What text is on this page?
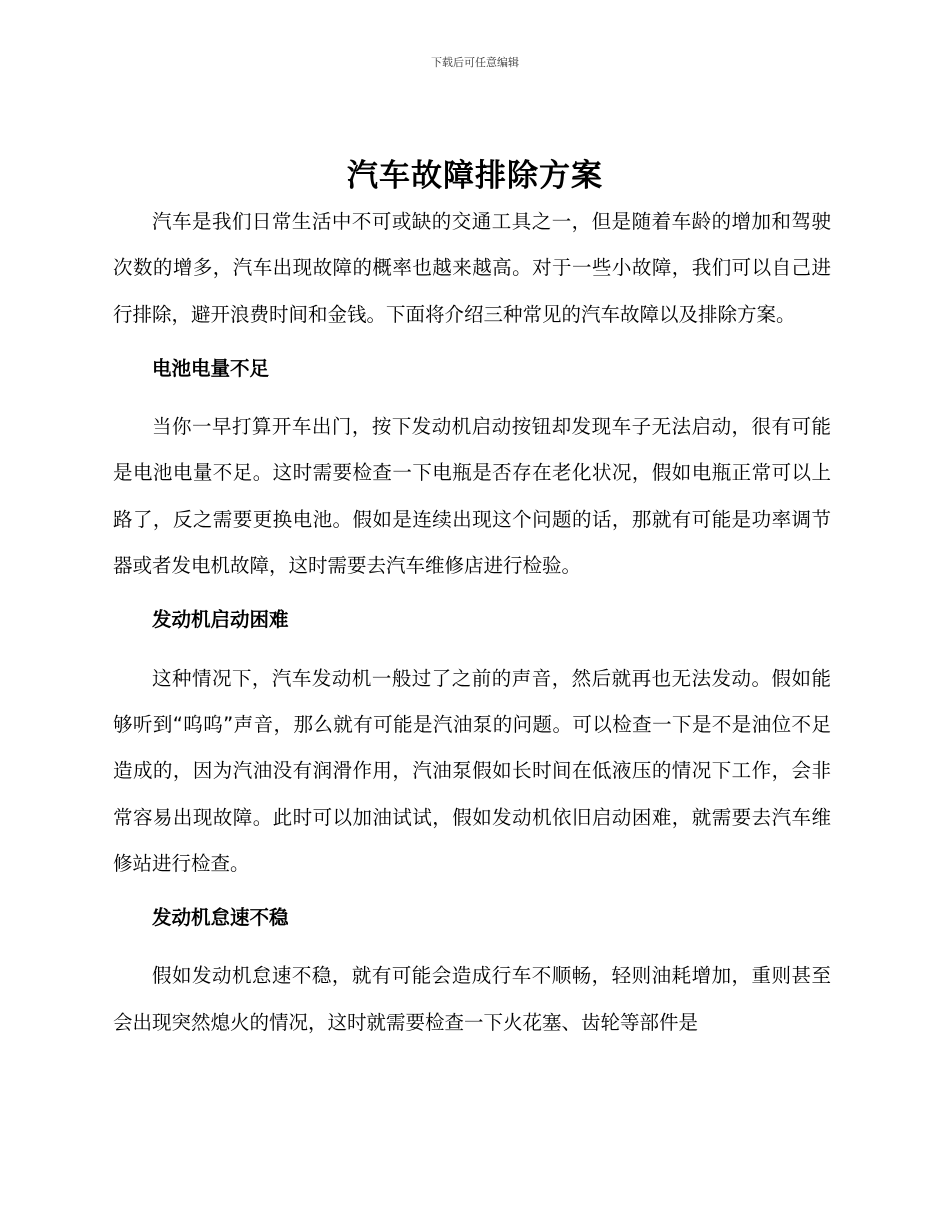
下载后可任意编辑
汽车故障排除方案

汽车是我们日常生活中不可或缺的交通工具之一，但是随着车龄的增加和驾驶次数的增多，汽车出现故障的概率也越来越高。对于一些小故障，我们可以自己进行排除，避开浪费时间和金钱。下面将介绍三种常见的汽车故障以及排除方案。

电池电量不足

当你一早打算开车出门，按下发动机启动按钮却发现车子无法启动，很有可能是电池电量不足。这时需要检查一下电瓶是否存在老化状况，假如电瓶正常可以上路了，反之需要更换电池。假如是连续出现这个问题的话，那就有可能是功率调节器或者发电机故障，这时需要去汽车维修店进行检验。

发动机启动困难

这种情况下，汽车发动机一般过了之前的声音，然后就再也无法发动。假如能够听到“呜呜”声音，那么就有可能是汽油泵的问题。可以检查一下是不是油位不足造成的，因为汽油没有润滑作用，汽油泵假如长时间在低液压的情况下工作，会非常容易出现故障。此时可以加油试试，假如发动机依旧启动困难，就需要去汽车维修站进行检查。

发动机怠速不稳

假如发动机怠速不稳，就有可能会造成行车不顺畅，轻则油耗增加，重则甚至会出现突然熄火的情况，这时就需要检查一下火花塞、齿轮等部件是
